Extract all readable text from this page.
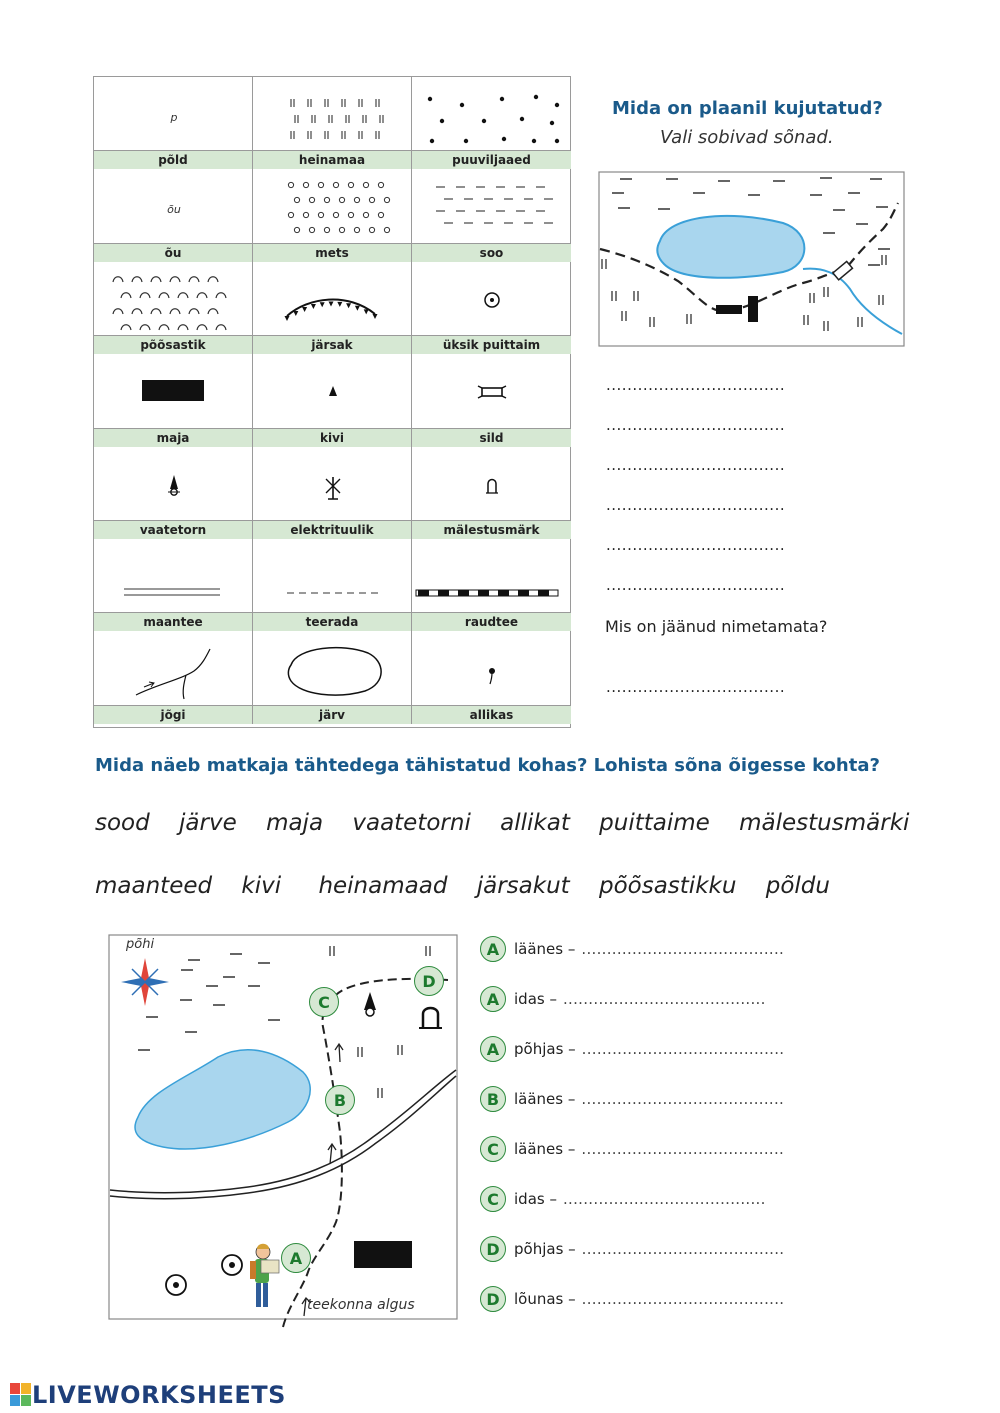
p
põld	heinamaa	puuviljaaed
õu
õu	mets	soo
põõsastik	järsak	üksik puittaim
maja	kivi	sild
vaatetorn	elektrituulik	mälestusmärk
maantee	teerada	raudtee
jõgi	järv	allikas
Mida on plaanil kujutatud?
Vali sobivad sõnad.
..................................
..................................
..................................
..................................
..................................
..................................
Mis on jäänud nimetamata?
..................................
Mida näeb matkaja tähtedega tähistatud kohas? Lohista sõna õigesse kohta?
sood järve maja vaatetorni allikat puittaime mälestusmärki
maanteed kivi heinamaad järsakut põõsastikku põldu
põhi
teekonna algus
A
B
C
D
A läänes – ........................................
A idas – ........................................
A põhjas – ........................................
B läänes – ........................................
C	läänes – ........................................
C	idas – ........................................
D põhjas – ........................................
D lõunas – ........................................
LIVEWORKSHEETS
